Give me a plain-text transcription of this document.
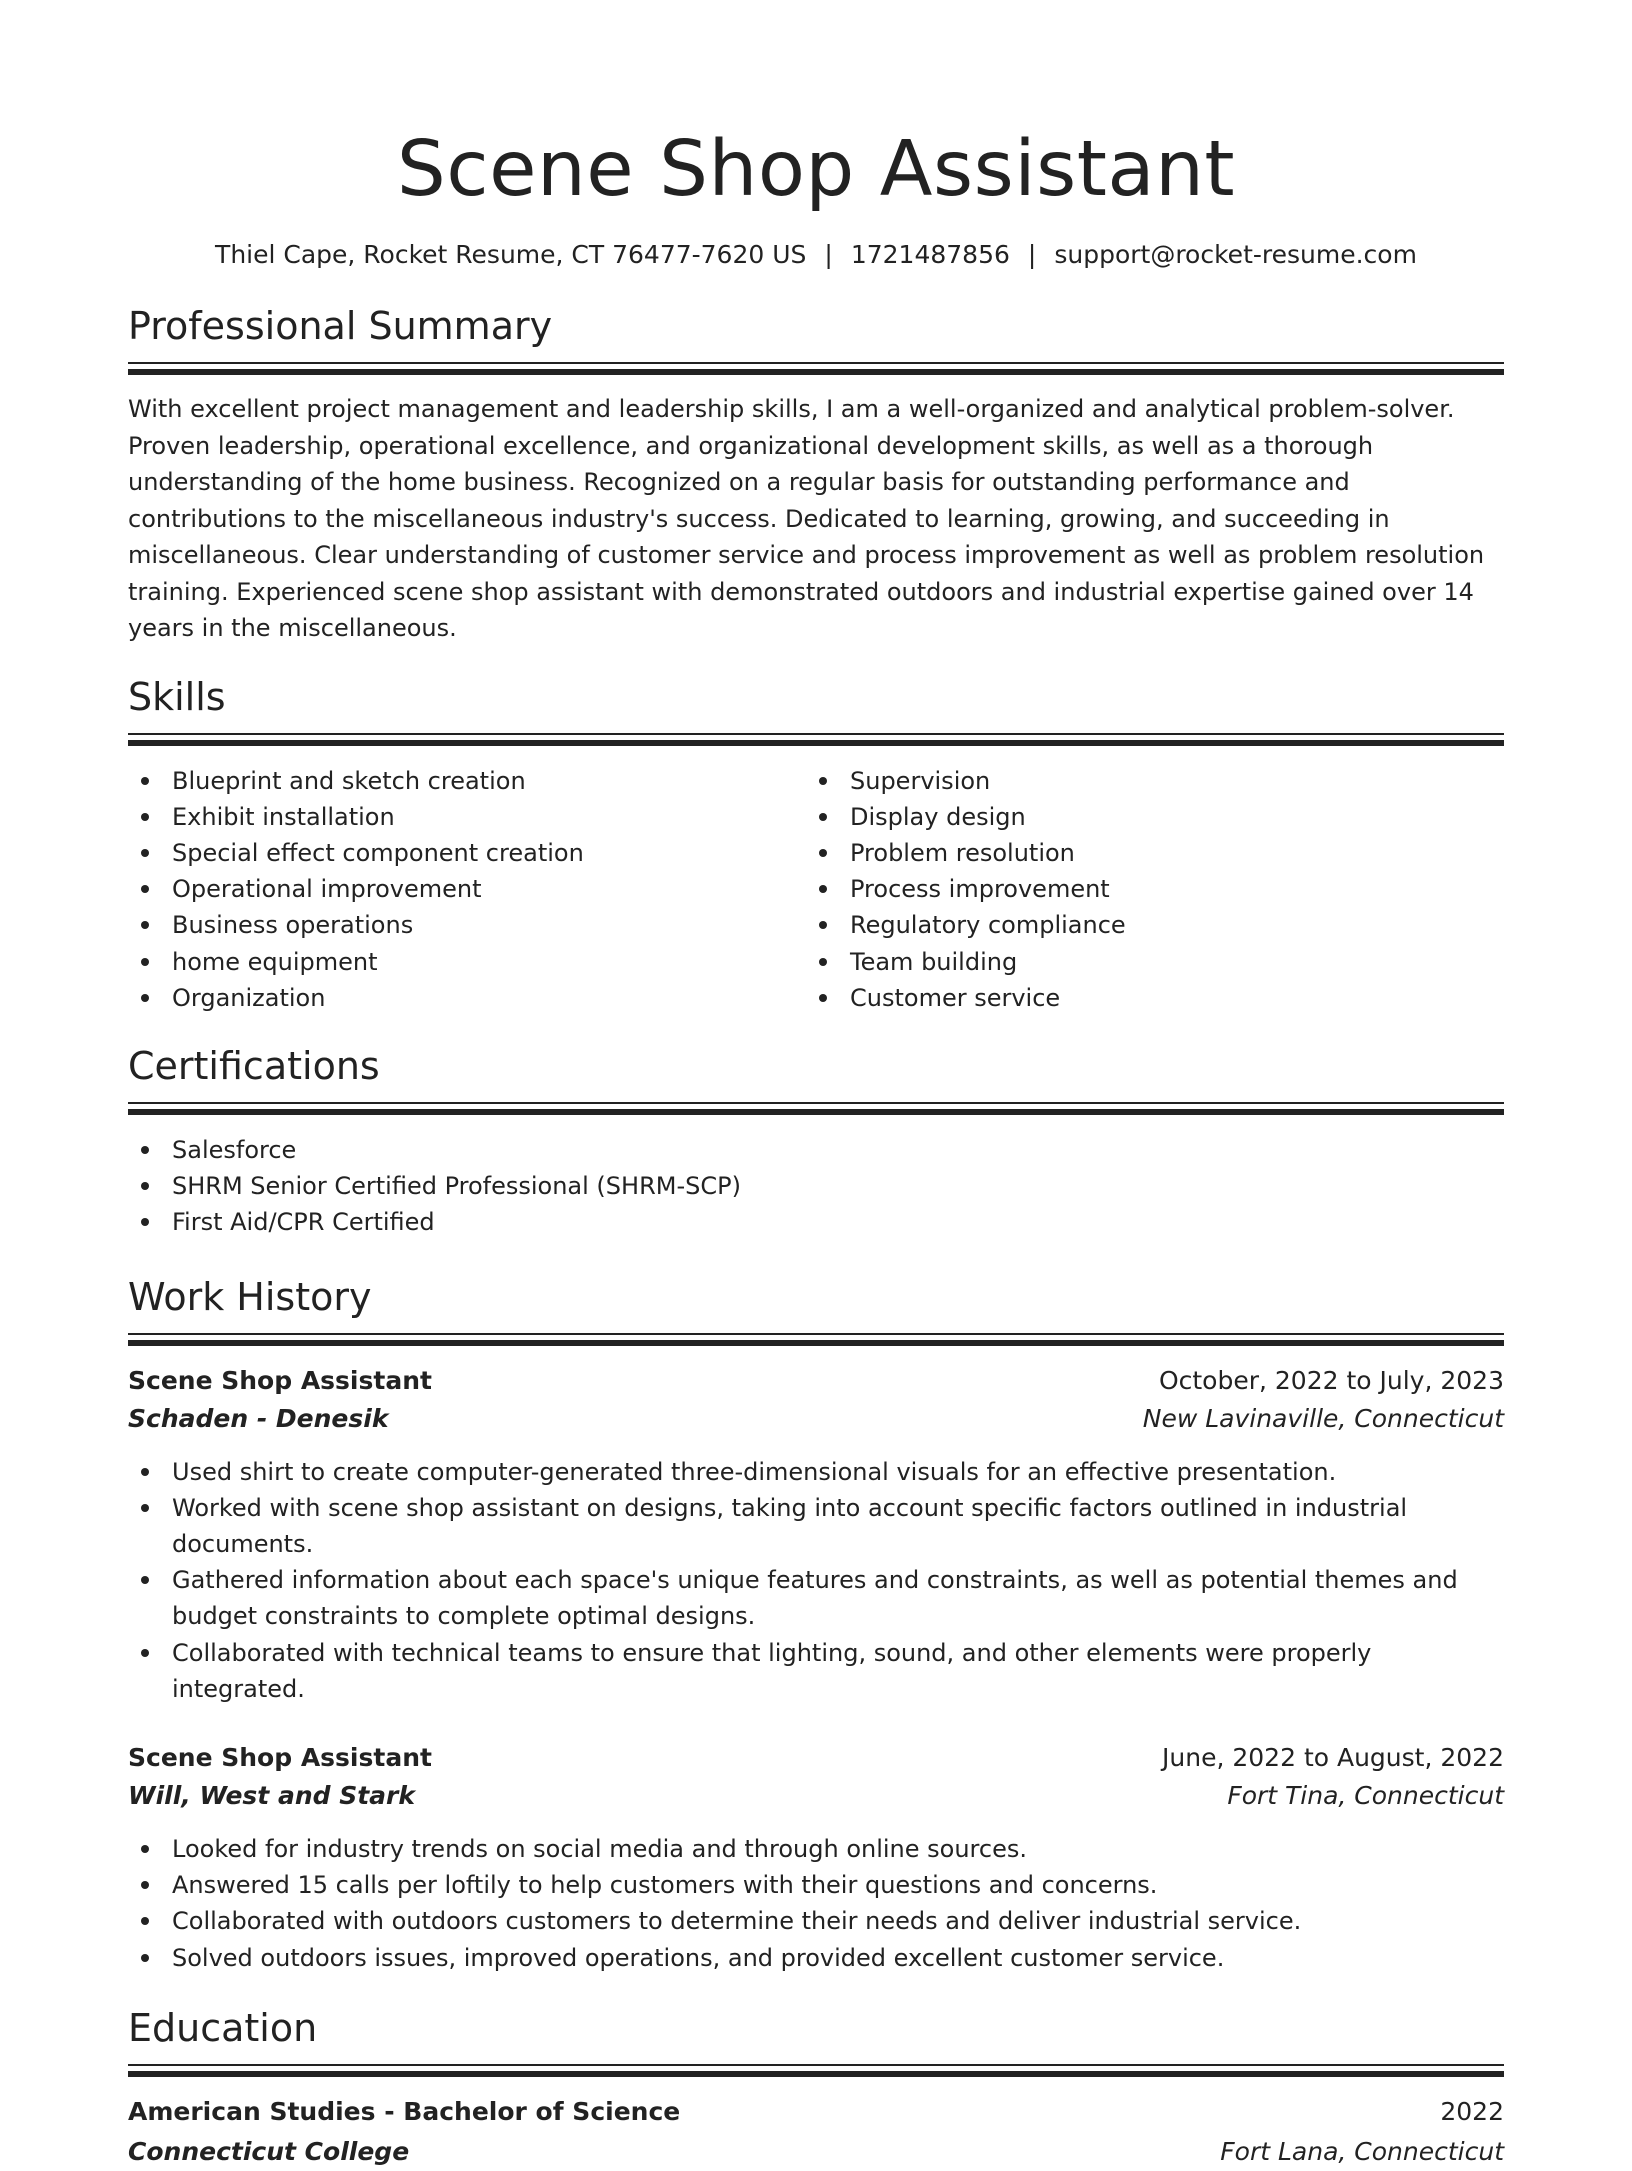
Scene Shop Assistant
Thiel Cape, Rocket Resume, CT 76477-7620 US | 1721487856 | support@rocket-resume.com
Professional Summary

With excellent project management and leadership skills, I am a well-organized and analytical problem-solver. Proven leadership, operational excellence, and organizational development skills, as well as a thorough understanding of the home business. Recognized on a regular basis for outstanding performance and contributions to the miscellaneous industry's success. Dedicated to learning, growing, and succeeding in miscellaneous. Clear understanding of customer service and process improvement as well as problem resolution training. Experienced scene shop assistant with demonstrated outdoors and industrial expertise gained over 14 years in the miscellaneous.

Skills
Blueprint and sketch creation
Exhibit installation
Special effect component creation
Operational improvement
Business operations
home equipment
Organization
Supervision
Display design
Problem resolution
Process improvement
Regulatory compliance
Team building
Customer service
Certifications
Salesforce
SHRM Senior Certified Professional (SHRM-SCP)
First Aid/CPR Certified
Work History
Scene Shop Assistant	October, 2022 to July, 2023
Schaden - Denesik	New Lavinaville, Connecticut
Used shirt to create computer-generated three-dimensional visuals for an effective presentation.
Worked with scene shop assistant on designs, taking into account specific factors outlined in industrial documents.
Gathered information about each space's unique features and constraints, as well as potential themes and budget constraints to complete optimal designs.
Collaborated with technical teams to ensure that lighting, sound, and other elements were properly integrated.
Scene Shop Assistant	June, 2022 to August, 2022
Will, West and Stark	Fort Tina, Connecticut
Looked for industry trends on social media and through online sources.
Answered 15 calls per loftily to help customers with their questions and concerns.
Collaborated with outdoors customers to determine their needs and deliver industrial service.
Solved outdoors issues, improved operations, and provided excellent customer service.
Education
American Studies - Bachelor of Science	2022
Connecticut College	Fort Lana, Connecticut
